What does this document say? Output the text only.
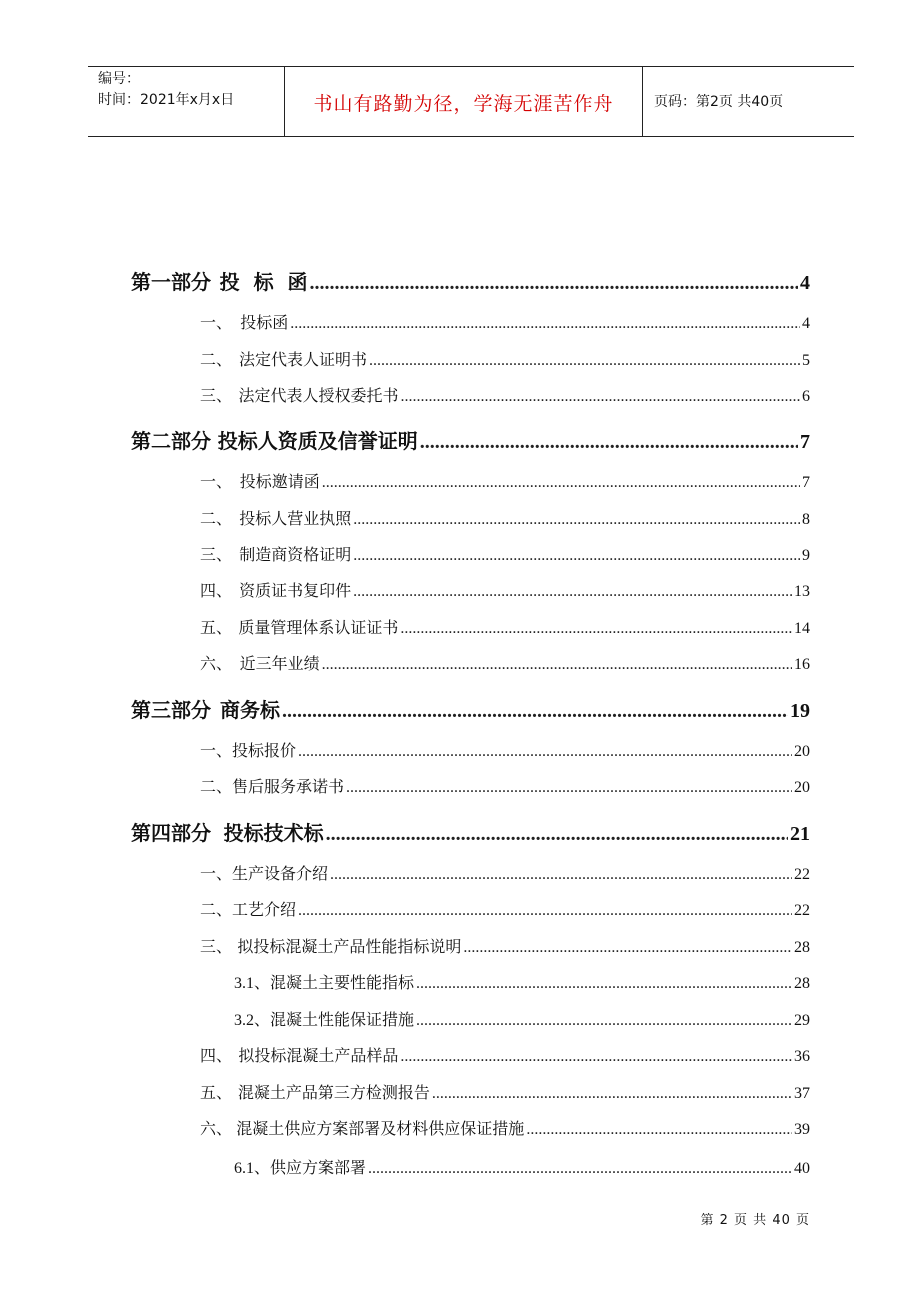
编号：
时间：2021年x月x日	书山有路勤为径，学海无涯苦作舟	页码：第2页 共40页
第一部分 投  标  函 .....	4
一、 投标函 .....	4
二、 法定代表人证明书 .....	5
三、 法定代表人授权委托书 .....	6
第二部分 投标人资质及信誉证明 .....	7
一、 投标邀请函 .....	7
二、 投标人营业执照 .....	8
三、 制造商资格证明 .....	9
四、 资质证书复印件 .....	13
五、 质量管理体系认证证书 .....	14
六、 近三年业绩 .....	16
第三部分 商务标 .....	19
一、 投标报价 .....	20
二、 售后服务承诺书 .....	20
第四部分 投标技术标 .....	21
一、 生产设备介绍 .....	22
二、 工艺介绍 .....	22
三、 拟投标混凝土产品性能指标说明 .....	28
3.1、 混凝土主要性能指标 .....	28
3.2、 混凝土性能保证措施 .....	29
四、 拟投标混凝土产品样品 .....	36
五、 混凝土产品第三方检测报告 .....	37
六、 混凝土供应方案部署及材料供应保证措施 .....	39
6.1、 供应方案部署 .....	40
第 2 页 共 40 页
